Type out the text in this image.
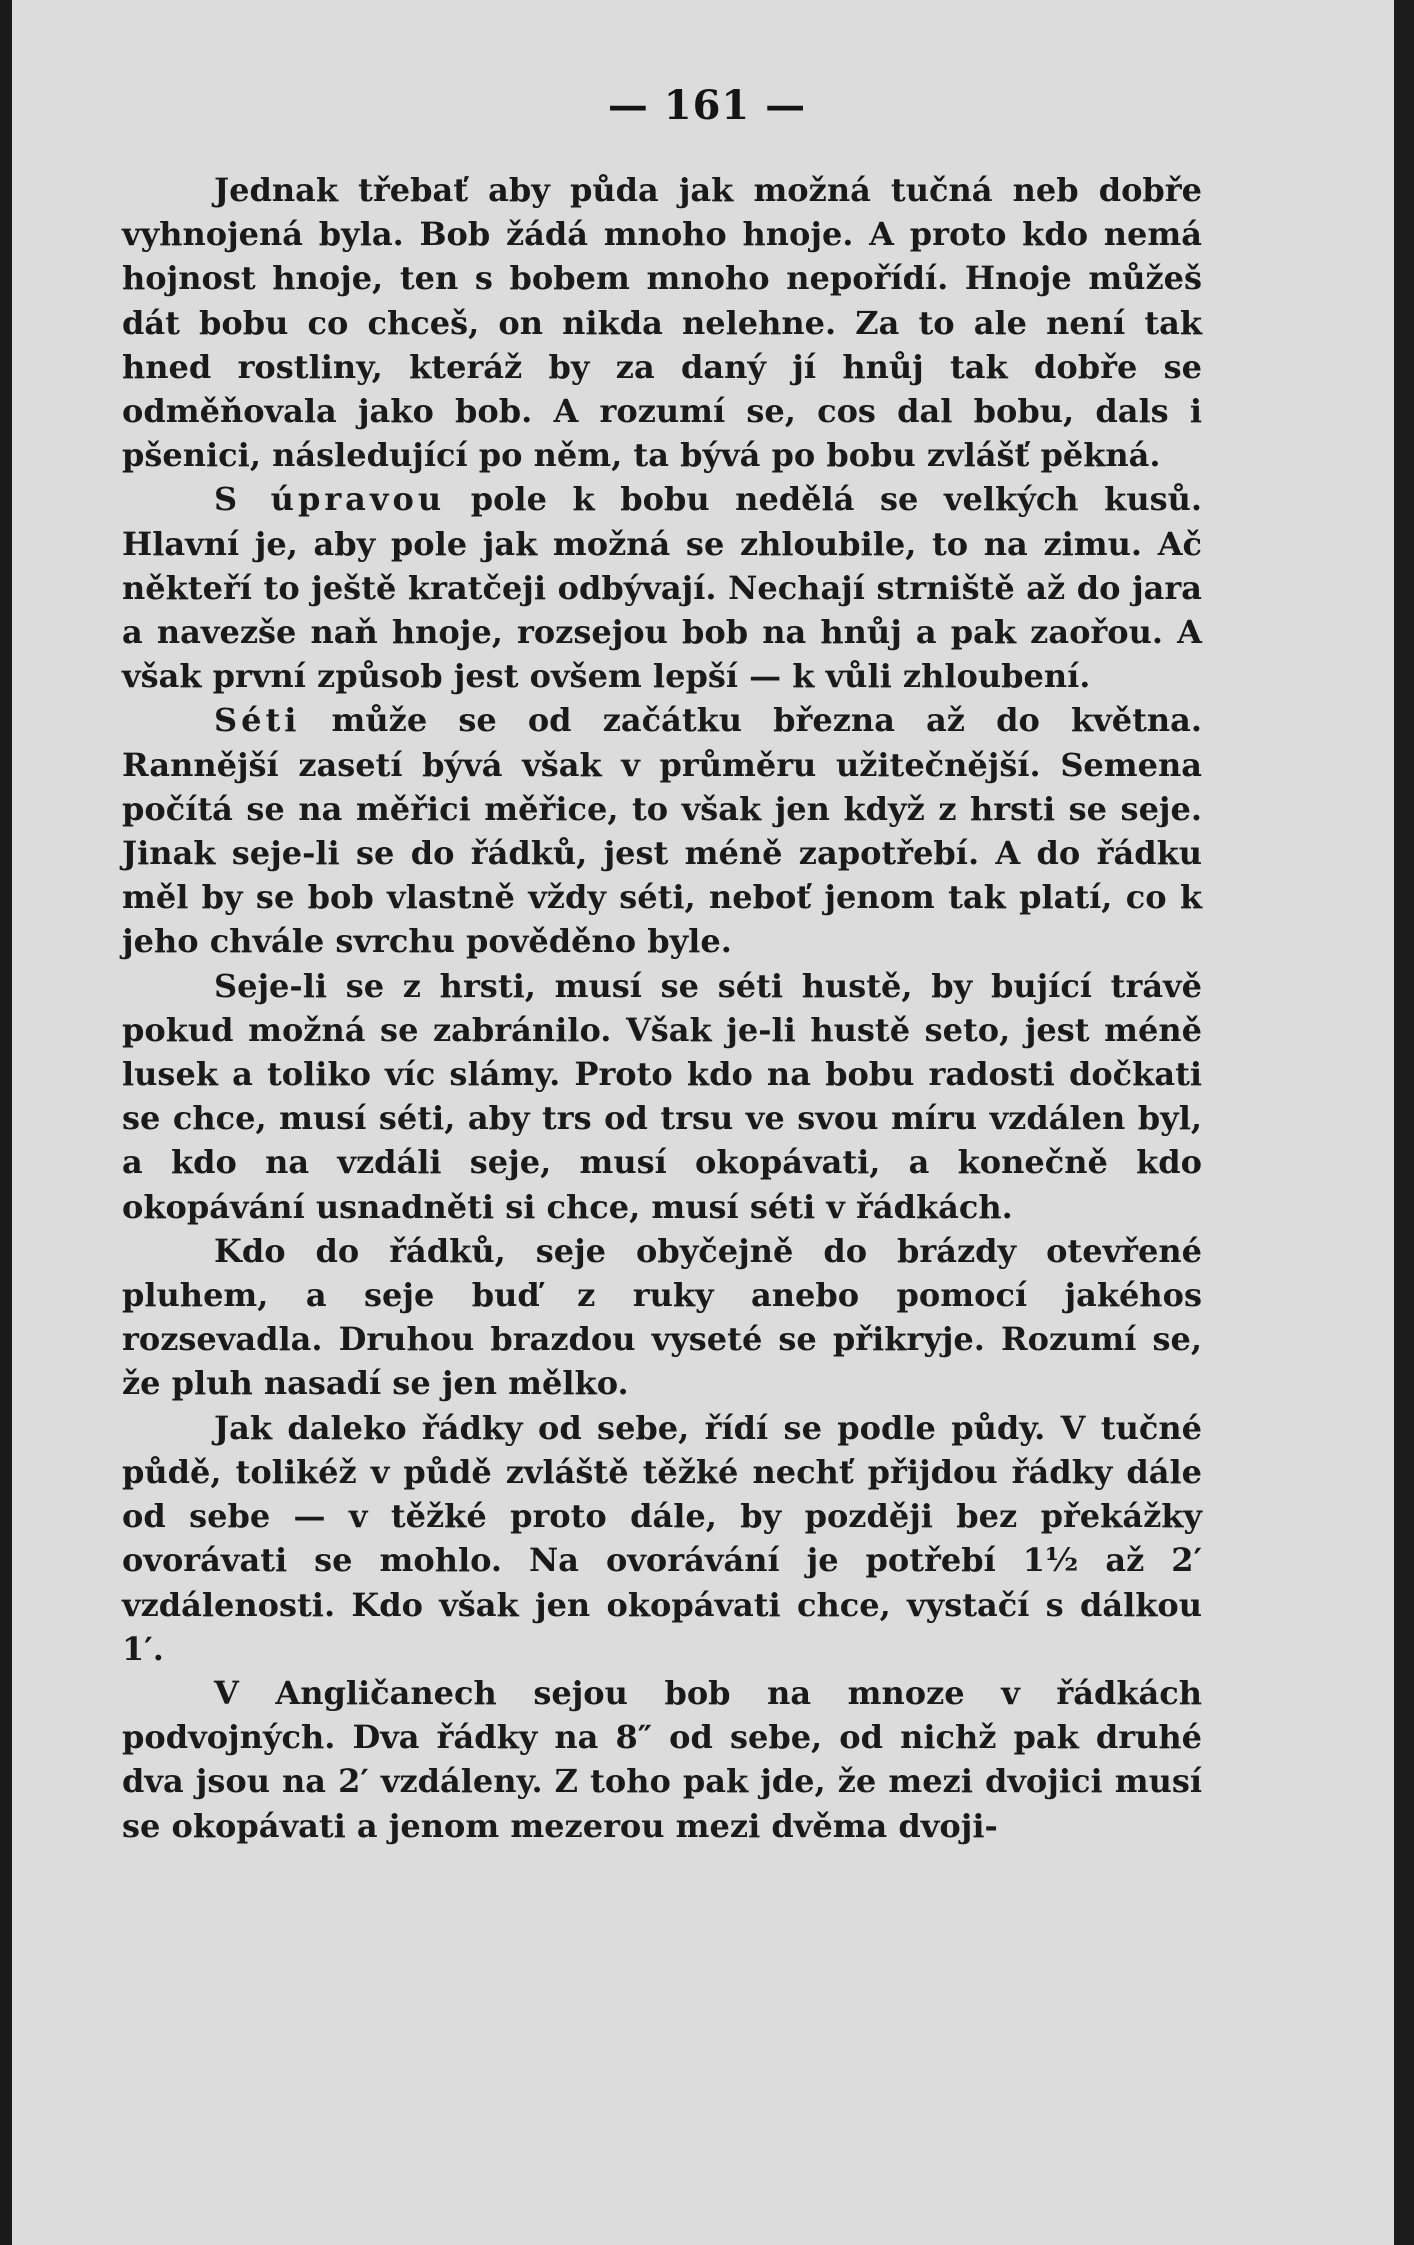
— 161 —

Jednak třebať aby půda jak možná tučná neb dobře vyhnojená byla. Bob žádá mnoho hnoje. A proto kdo nemá hojnost hnoje, ten s bobem mnoho nepořídí. Hnoje můžeš dát bobu co chceš, on nikda nelehne. Za to ale není tak hned rostliny, kteráž by za daný jí hnůj tak dobře se odměňovala jako bob. A rozumí se, cos dal bobu, dals i pšenici, následující po něm, ta bývá po bobu zvlášť pěkná.

S úpravou pole k bobu nedělá se velkých kusů. Hlavní je, aby pole jak možná se zhloubile, to na zimu. Ač někteří to ještě kratčeji odbývají. Nechají strniště až do jara a navezše naň hnoje, rozsejou bob na hnůj a pak zaořou. A však první způsob jest ovšem lepší — k vůli zhloubení.

Séti může se od začátku března až do května. Rannější zasetí bývá však v průměru užitečnější. Semena počítá se na měřici měřice, to však jen když z hrsti se seje. Jinak seje-li se do řádků, jest méně zapotřebí. A do řádku měl by se bob vlastně vždy séti, neboť jenom tak platí, co k jeho chvále svrchu pověděno byle.

Seje-li se z hrsti, musí se séti hustě, by bující trávě pokud možná se zabránilo. Však je-li hustě seto, jest méně lusek a toliko víc slámy. Proto kdo na bobu radosti dočkati se chce, musí séti, aby trs od trsu ve svou míru vzdálen byl, a kdo na vzdáli seje, musí okopávati, a konečně kdo okopávání usnadněti si chce, musí séti v řádkách.

Kdo do řádků, seje obyčejně do brázdy otevřené pluhem, a seje buď z ruky anebo pomocí jakéhos rozsevadla. Druhou brazdou vyseté se přikryje. Rozumí se, že pluh nasadí se jen mělko.

Jak daleko řádky od sebe, řídí se podle půdy. V tučné půdě, tolikéž v půdě zvláště těžké nechť přijdou řádky dále od sebe — v těžké proto dále, by později bez překážky ovorávati se mohlo. Na ovorávání je potřebí 1½ až 2′ vzdálenosti. Kdo však jen okopávati chce, vystačí s dálkou 1′.

V Angličanech sejou bob na mnoze v řádkách podvojných. Dva řádky na 8″ od sebe, od nichž pak druhé dva jsou na 2′ vzdáleny. Z toho pak jde, že mezi dvojici musí se okopávati a jenom mezerou mezi dvěma dvoji-
